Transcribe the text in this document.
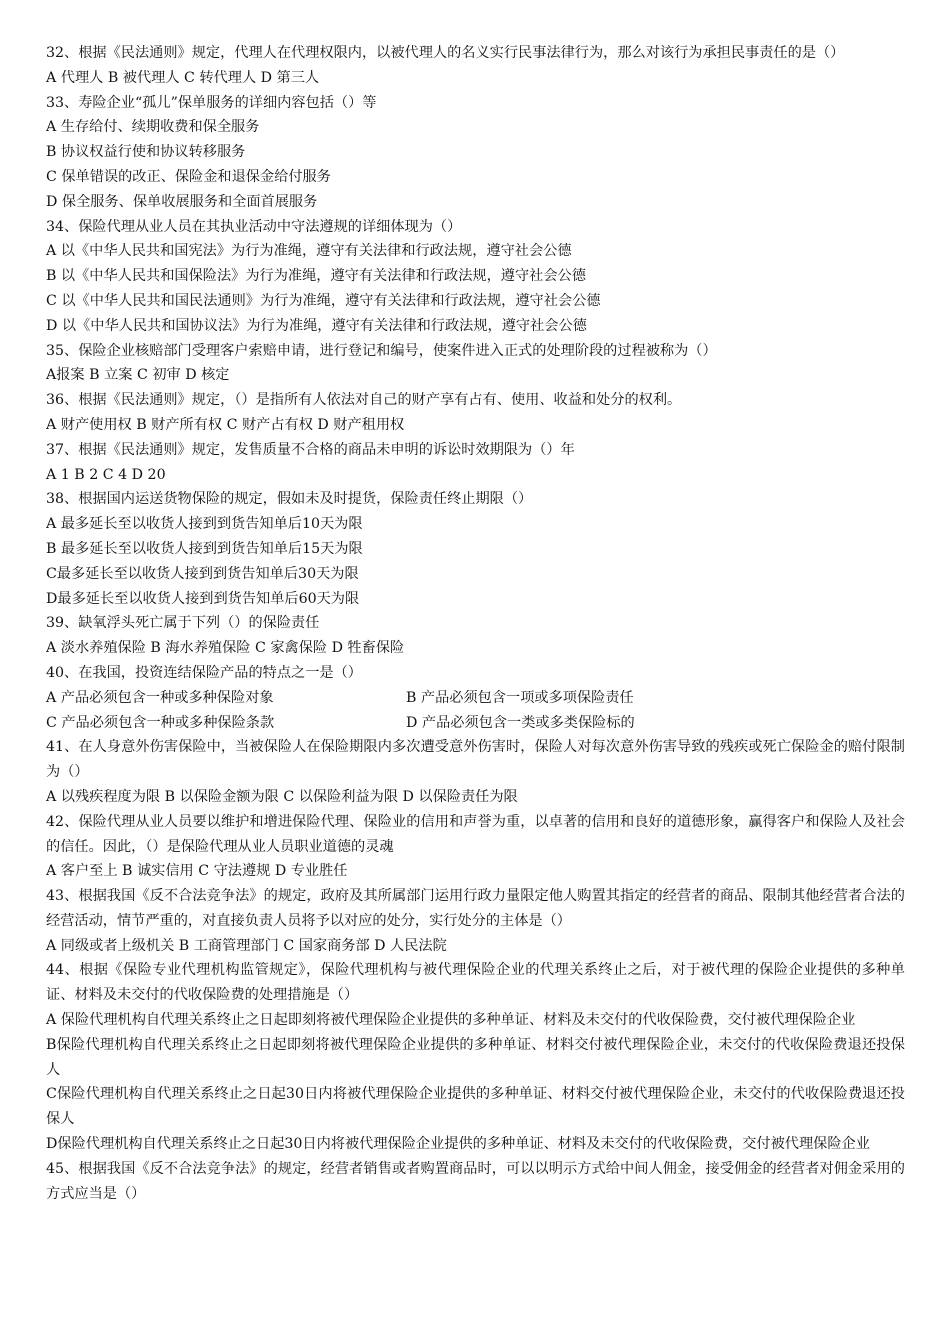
32、根据《民法通则》规定，代理人在代理权限内，以被代理人的名义实行民事法律行为，那么对该行为承担民事责任的是（）
A 代理人 B 被代理人 C 转代理人 D 第三人
33、寿险企业“孤儿”保单服务的详细内容包括（）等
A 生存给付、续期收费和保全服务
B 协议权益行使和协议转移服务
C 保单错误的改正、保险金和退保金给付服务
D 保全服务、保单收展服务和全面首展服务
34、保险代理从业人员在其执业活动中守法遵规的详细体现为（）
A 以《中华人民共和国宪法》为行为准绳，遵守有关法律和行政法规，遵守社会公德
B 以《中华人民共和国保险法》为行为准绳，遵守有关法律和行政法规，遵守社会公德
C 以《中华人民共和国民法通则》为行为准绳，遵守有关法律和行政法规，遵守社会公德
D 以《中华人民共和国协议法》为行为准绳，遵守有关法律和行政法规，遵守社会公德
35、保险企业核赔部门受理客户索赔申请，进行登记和编号，使案件进入正式的处理阶段的过程被称为（）
A报案 B 立案 C 初审 D 核定
36、根据《民法通则》规定，（）是指所有人依法对自己的财产享有占有、使用、收益和处分的权利。
A 财产使用权 B 财产所有权 C 财产占有权 D 财产租用权
37、根据《民法通则》规定，发售质量不合格的商品未申明的诉讼时效期限为（）年
A 1 B 2 C 4 D 20
38、根据国内运送货物保险的规定，假如未及时提货，保险责任终止期限（）
A 最多延长至以收货人接到到货告知单后10天为限
B 最多延长至以收货人接到到货告知单后15天为限
C最多延长至以收货人接到到货告知单后30天为限
D最多延长至以收货人接到到货告知单后60天为限
39、缺氧浮头死亡属于下列（）的保险责任
A 淡水养殖保险 B 海水养殖保险 C 家禽保险 D 牲畜保险
40、在我国，投资连结保险产品的特点之一是（）
A 产品必须包含一种或多种保险对象	B 产品必须包含一项或多项保险责任
C 产品必须包含一种或多种保险条款	D 产品必须包含一类或多类保险标的
41、在人身意外伤害保险中，当被保险人在保险期限内多次遭受意外伤害时，保险人对每次意外伤害导致的残疾或死亡保险金的赔付限制为（）
A 以残疾程度为限 B 以保险金额为限 C 以保险利益为限 D 以保险责任为限
42、保险代理从业人员要以维护和增进保险代理、保险业的信用和声誉为重，以卓著的信用和良好的道德形象，赢得客户和保险人及社会的信任。因此，（）是保险代理从业人员职业道德的灵魂
A 客户至上 B 诚实信用 C 守法遵规 D 专业胜任
43、根据我国《反不合法竞争法》的规定，政府及其所属部门运用行政力量限定他人购置其指定的经营者的商品、限制其他经营者合法的经营活动，情节严重的，对直接负责人员将予以对应的处分，实行处分的主体是（）
A 同级或者上级机关 B 工商管理部门 C 国家商务部 D 人民法院
44、根据《保险专业代理机构监管规定》，保险代理机构与被代理保险企业的代理关系终止之后，对于被代理的保险企业提供的多种单证、材料及未交付的代收保险费的处理措施是（）
A 保险代理机构自代理关系终止之日起即刻将被代理保险企业提供的多种单证、材料及未交付的代收保险费，交付被代理保险企业
B保险代理机构自代理关系终止之日起即刻将被代理保险企业提供的多种单证、材料交付被代理保险企业，未交付的代收保险费退还投保人
C保险代理机构自代理关系终止之日起30日内将被代理保险企业提供的多种单证、材料交付被代理保险企业，未交付的代收保险费退还投保人
D保险代理机构自代理关系终止之日起30日内将被代理保险企业提供的多种单证、材料及未交付的代收保险费，交付被代理保险企业
45、根据我国《反不合法竞争法》的规定，经营者销售或者购置商品时，可以以明示方式给中间人佣金，接受佣金的经营者对佣金采用的方式应当是（）
